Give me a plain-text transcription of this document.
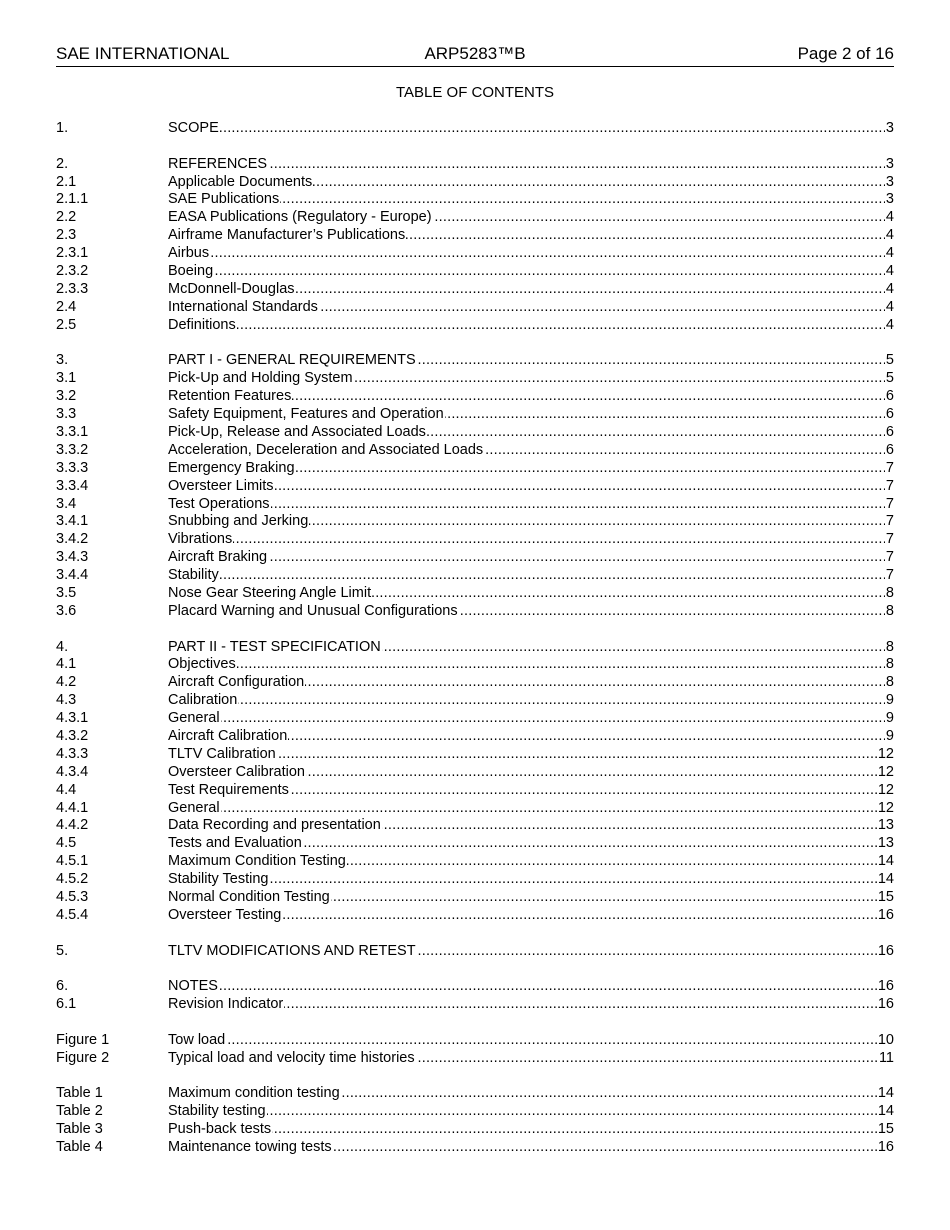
ARP5283™B
SAE INTERNATIONAL	Page 2 of 16
TABLE OF CONTENTS
1. .....	SCOPE	3
2. .....	REFERENCES	3
2.1 .....	Applicable Documents	3
2.1.1 .....	SAE Publications	3
2.2 .....	EASA Publications (Regulatory - Europe)	4
2.3 .....	Airframe Manufacturer’s Publications	4
2.3.1 .....	Airbus	4
2.3.2 .....	Boeing	4
2.3.3 .....	McDonnell-Douglas	4
2.4 .....	International Standards	4
2.5 .....	Definitions	4
3. .....	PART I - GENERAL REQUIREMENTS	5
3.1 .....	Pick-Up and Holding System	5
3.2 .....	Retention Features	6
3.3 .....	Safety Equipment, Features and Operation	6
3.3.1 .....	Pick-Up, Release and Associated Loads	6
3.3.2 .....	Acceleration, Deceleration and Associated Loads	6
3.3.3 .....	Emergency Braking	7
3.3.4 .....	Oversteer Limits	7
3.4 .....	Test Operations	7
3.4.1 .....	Snubbing and Jerking	7
3.4.2 .....	Vibrations	7
3.4.3 .....	Aircraft Braking	7
3.4.4 .....	Stability	7
3.5 .....	Nose Gear Steering Angle Limit	8
3.6 .....	Placard Warning and Unusual Configurations	8
4. .....	PART II - TEST SPECIFICATION	8
4.1 .....	Objectives	8
4.2 .....	Aircraft Configuration	8
4.3 .....	Calibration	9
4.3.1 .....	General	9
4.3.2 .....	Aircraft Calibration	9
4.3.3 .....	TLTV Calibration	12
4.3.4 .....	Oversteer Calibration	12
4.4 .....	Test Requirements	12
4.4.1 .....	General	12
4.4.2 .....	Data Recording and presentation	13
4.5 .....	Tests and Evaluation	13
4.5.1 .....	Maximum Condition Testing	14
4.5.2 .....	Stability Testing	14
4.5.3 .....	Normal Condition Testing	15
4.5.4 .....	Oversteer Testing	16
5. .....	TLTV MODIFICATIONS AND RETEST	16
6. .....	NOTES	16
6.1 .....	Revision Indicator	16
Figure 1 .....	Tow load	10
Figure 2 .....	Typical load and velocity time histories	11
Table 1 .....	Maximum condition testing	14
Table 2 .....	Stability testing	14
Table 3 .....	Push-back tests	15
Table 4 .....	Maintenance towing tests	16
